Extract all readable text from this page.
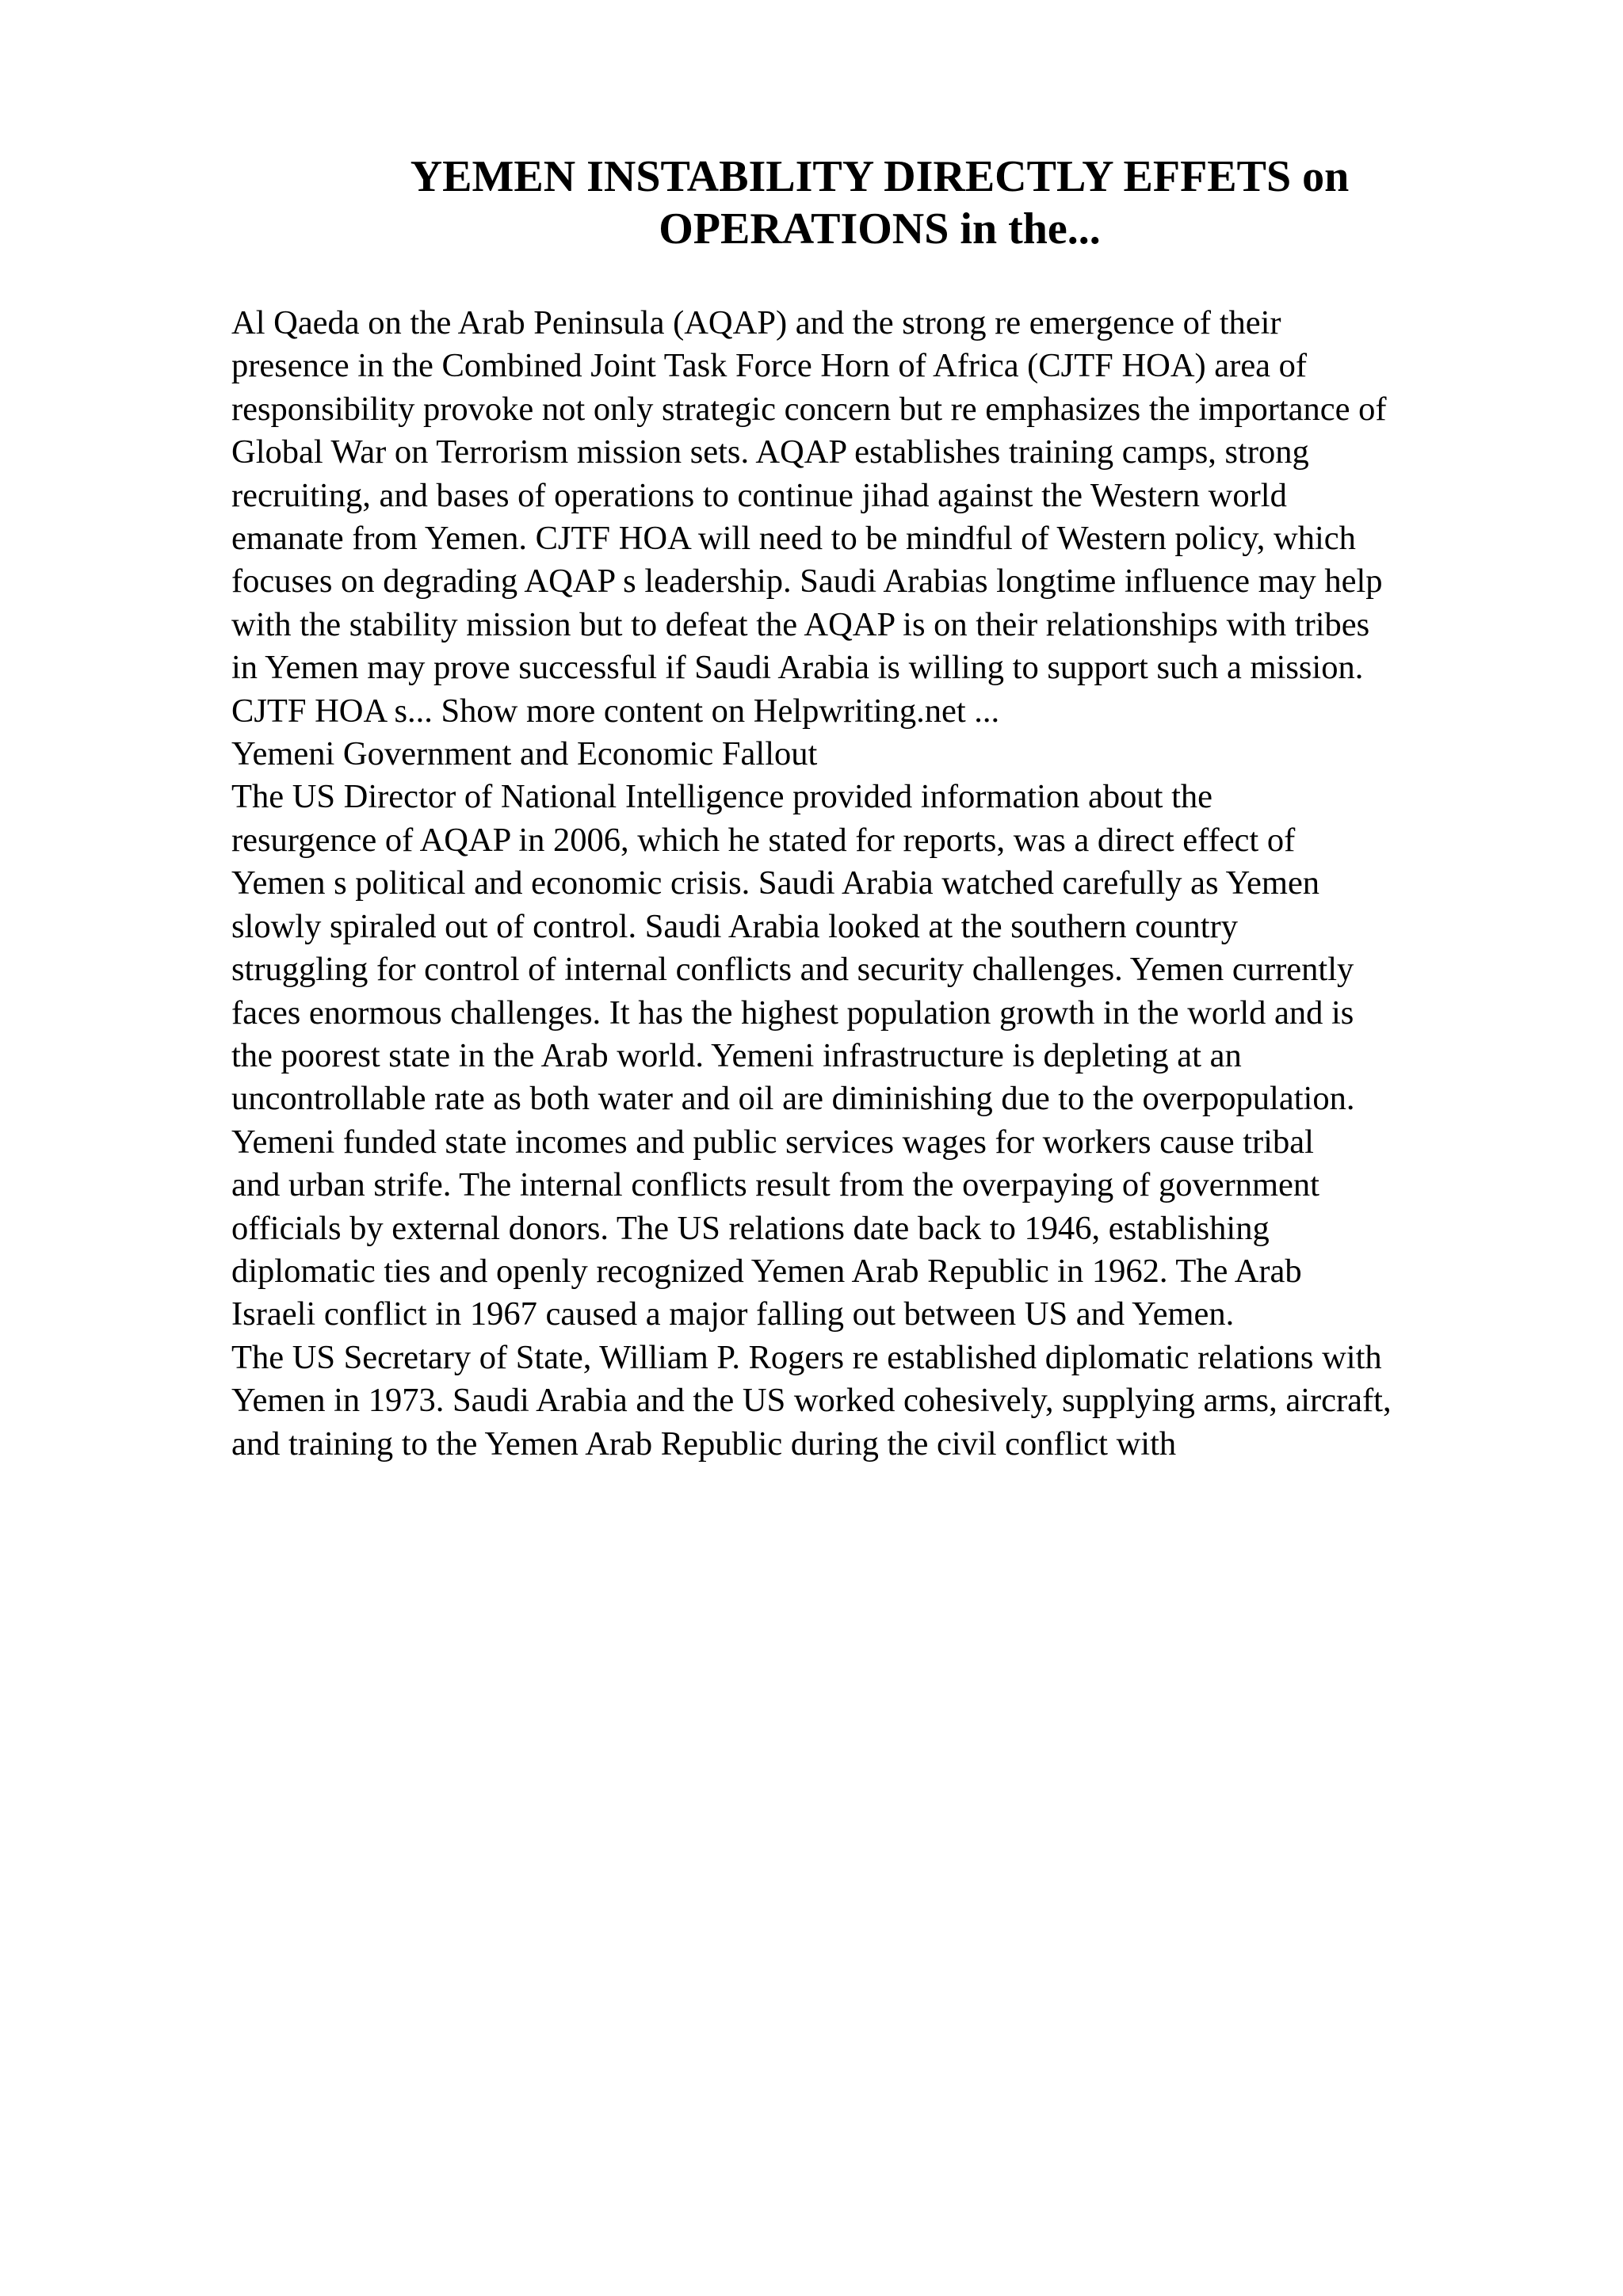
YEMEN INSTABILITY DIRECTLY EFFETS on
OPERATIONS in the...
Al Qaeda on the Arab Peninsula (AQAP) and the strong re emergence of their
presence in the Combined Joint Task Force Horn of Africa (CJTF HOA) area of
responsibility provoke not only strategic concern but re emphasizes the importance of
Global War on Terrorism mission sets. AQAP establishes training camps, strong
recruiting, and bases of operations to continue jihad against the Western world
emanate from Yemen. CJTF HOA will need to be mindful of Western policy, which
focuses on degrading AQAP s leadership. Saudi Arabias longtime influence may help
with the stability mission but to defeat the AQAP is on their relationships with tribes
in Yemen may prove successful if Saudi Arabia is willing to support such a mission.
CJTF HOA s... Show more content on Helpwriting.net ...
Yemeni Government and Economic Fallout
The US Director of National Intelligence provided information about the
resurgence of AQAP in 2006, which he stated for reports, was a direct effect of
Yemen s political and economic crisis. Saudi Arabia watched carefully as Yemen
slowly spiraled out of control. Saudi Arabia looked at the southern country
struggling for control of internal conflicts and security challenges. Yemen currently
faces enormous challenges. It has the highest population growth in the world and is
the poorest state in the Arab world. Yemeni infrastructure is depleting at an
uncontrollable rate as both water and oil are diminishing due to the overpopulation.
Yemeni funded state incomes and public services wages for workers cause tribal
and urban strife. The internal conflicts result from the overpaying of government
officials by external donors. The US relations date back to 1946, establishing
diplomatic ties and openly recognized Yemen Arab Republic in 1962. The Arab
Israeli conflict in 1967 caused a major falling out between US and Yemen.
The US Secretary of State, William P. Rogers re established diplomatic relations with
Yemen in 1973. Saudi Arabia and the US worked cohesively, supplying arms, aircraft,
and training to the Yemen Arab Republic during the civil conflict with
